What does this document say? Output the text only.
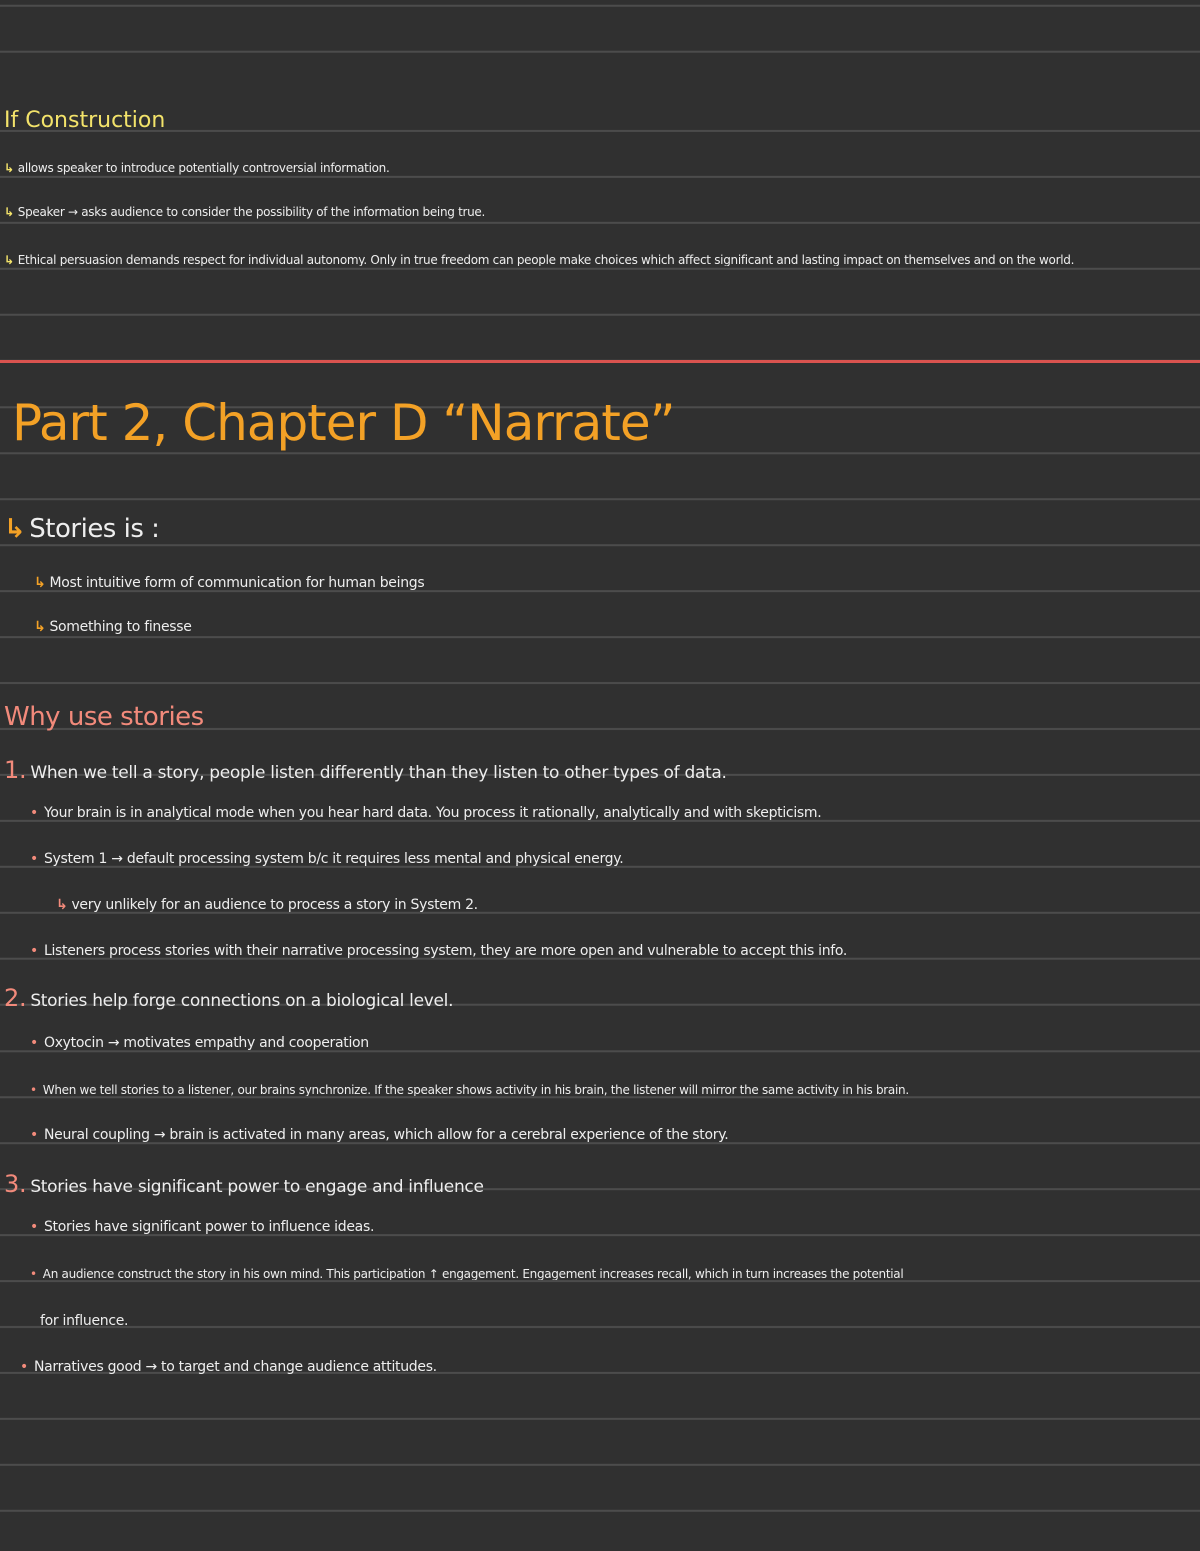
If Construction
↳ allows speaker to introduce potentially controversial information.
↳ Speaker → asks audience to consider the possibility of the information being true.
↳ Ethical persuasion demands respect for individual autonomy. Only in true freedom can people make choices which affect significant and lasting impact on themselves and on the world.
Part 2, Chapter D “Narrate”
↳ Stories is :
↳ Most intuitive form of communication for human beings
↳ Something to finesse
Why use stories
1. When we tell a story, people listen differently than they listen to other types of data.
• Your brain is in analytical mode when you hear hard data. You process it rationally, analytically and with skepticism.
• System 1 → default processing system b/c it requires less mental and physical energy.
↳ very unlikely for an audience to process a story in System 2.
• Listeners process stories with their narrative processing system, they are more open and vulnerable to accept this info.
2. Stories help forge connections on a biological level.
• Oxytocin → motivates empathy and cooperation
• When we tell stories to a listener, our brains synchronize. If the speaker shows activity in his brain, the listener will mirror the same activity in his brain.
• Neural coupling → brain is activated in many areas, which allow for a cerebral experience of the story.
3. Stories have significant power to engage and influence
• Stories have significant power to influence ideas.
• An audience construct the story in his own mind. This participation ↑ engagement. Engagement increases recall, which in turn increases the potential
for influence.
• Narratives good → to target and change audience attitudes.
